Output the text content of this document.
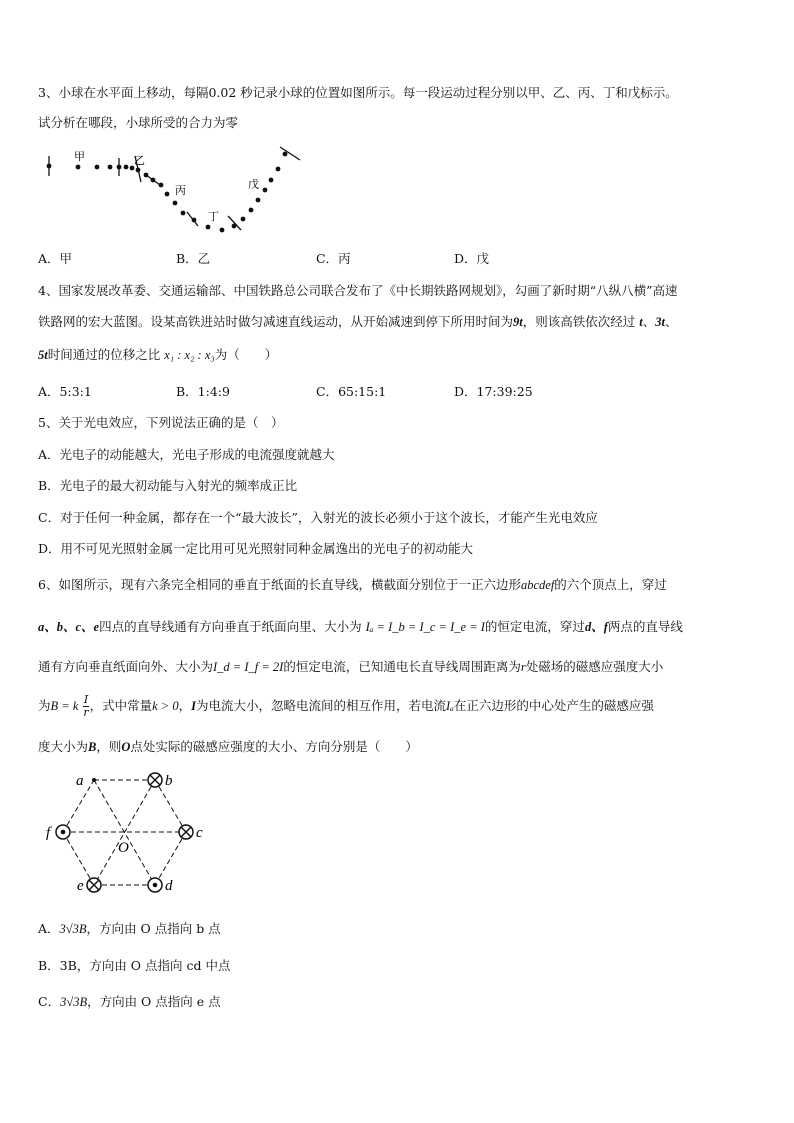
3、小球在水平面上移动，每隔0.02 秒记录小球的位置如图所示。每一段运动过程分别以甲、乙、丙、丁和戊标示。
试分析在哪段，小球所受的合力为零
甲	乙
丙
丁
戊
A．甲	B．乙	C．丙	D．戊
4、国家发展改革委、交通运输部、中国铁路总公司联合发布了《中长期铁路网规划》，勾画了新时期“八纵八横”高速
铁路网的宏大蓝图。设某高铁进站时做匀减速直线运动，从开始减速到停下所用时间为9t，则该高铁依次经过 t、3t、
5t时间通过的位移之比 x₁ : x₂ : x₃为（　　）
A．5:3:1	B．1:4:9	C．65:15:1	D．17:39:25
5、关于光电效应，下列说法正确的是（　）
A．光电子的动能越大，光电子形成的电流强度就越大
B．光电子的最大初动能与入射光的频率成正比
C．对于任何一种金属，都存在一个“最大波长”，入射光的波长必须小于这个波长，才能产生光电效应
D．用不可见光照射金属一定比用可见光照射同种金属逸出的光电子的初动能大
6、如图所示，现有六条完全相同的垂直于纸面的长直导线，横截面分别位于一正六边形abcdef的六个顶点上，穿过
a、b、c、e四点的直导线通有方向垂直于纸面向里、大小为 Iₐ = I_b = I_c = I_e = I的恒定电流，穿过d、f两点的直导线
通有方向垂直纸面向外、大小为I_d = I_f = 2I的恒定电流，已知通电长直导线周围距离为r处磁场的磁感应强度大小
为B = k $\frac{I}{r}$ ，式中常量k > 0，I为电流大小，忽略电流间的相互作用，若电流Iₐ在正六边形的中心处产生的磁感应强
度大小为B，则O点处实际的磁感应强度的大小、方向分别是（　　）
a	b
c
d
e
f
O
A．3√3B，方向由 O 点指向 b 点
B．3B，方向由 O 点指向 cd 中点
C．3√3B，方向由 O 点指向 e 点
